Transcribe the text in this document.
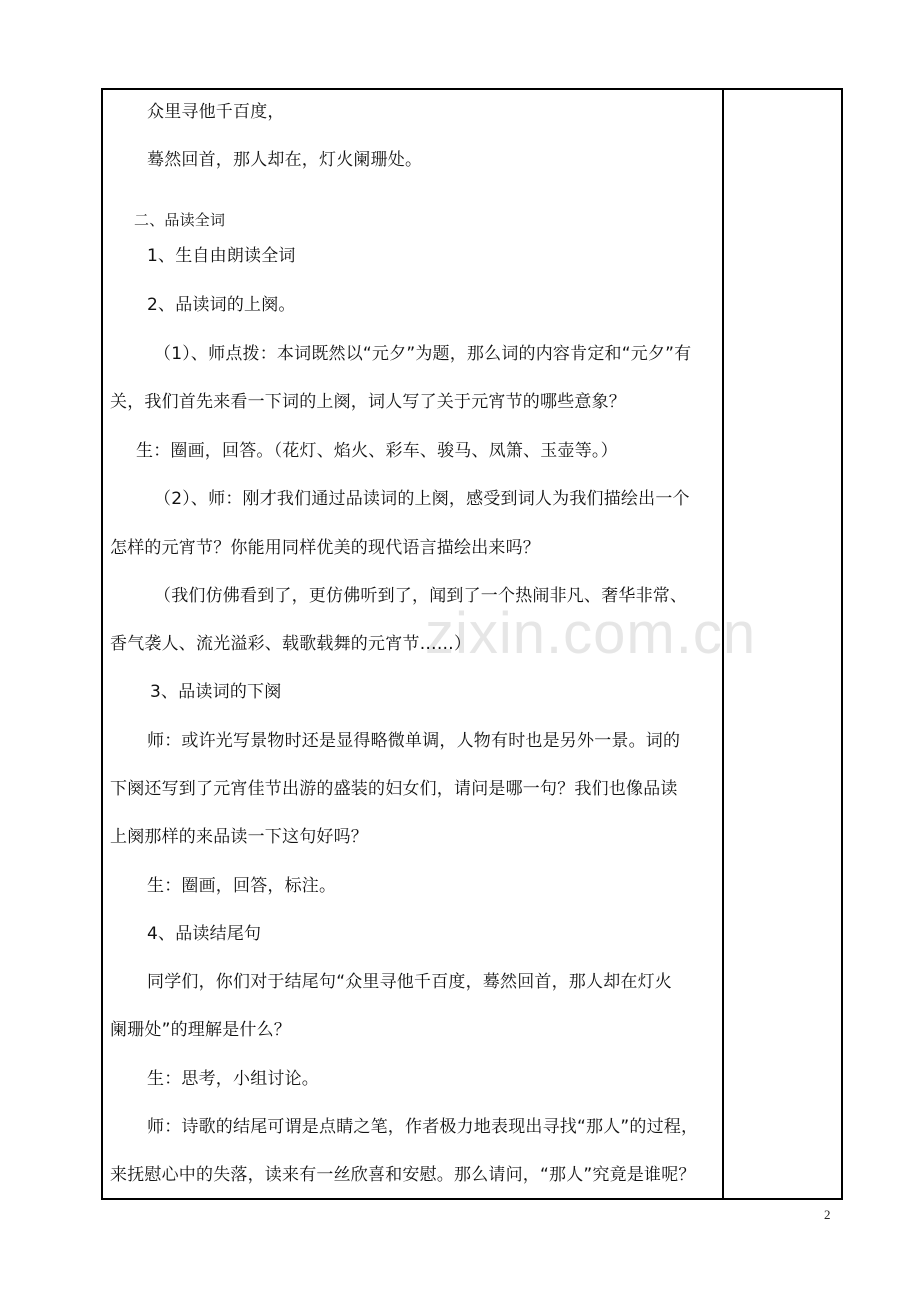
zixin.com.cn
众里寻他千百度，
蓦然回首，那人却在，灯火阑珊处。
二、品读全词
1、生自由朗读全词
2、品读词的上阕。
（1）、师点拨：本词既然以“元夕”为题，那么词的内容肯定和“元夕”有
关，我们首先来看一下词的上阕，词人写了关于元宵节的哪些意象？
生：圈画，回答。（花灯、焰火、彩车、骏马、凤箫、玉壶等。）
（2）、师：刚才我们通过品读词的上阕，感受到词人为我们描绘出一个
怎样的元宵节？你能用同样优美的现代语言描绘出来吗？
（我们仿佛看到了，更仿佛听到了，闻到了一个热闹非凡、奢华非常、
香气袭人、流光溢彩、载歌载舞的元宵节……）
3、品读词的下阕
师：或许光写景物时还是显得略微单调，人物有时也是另外一景。词的
下阕还写到了元宵佳节出游的盛装的妇女们，请问是哪一句？我们也像品读
上阕那样的来品读一下这句好吗？
生：圈画，回答，标注。
4、品读结尾句
同学们，你们对于结尾句“众里寻他千百度，蓦然回首，那人却在灯火
阑珊处”的理解是什么？
生：思考，小组讨论。
师：诗歌的结尾可谓是点睛之笔，作者极力地表现出寻找“那人”的过程，
来抚慰心中的失落，读来有一丝欣喜和安慰。那么请问，“那人”究竟是谁呢？
2
